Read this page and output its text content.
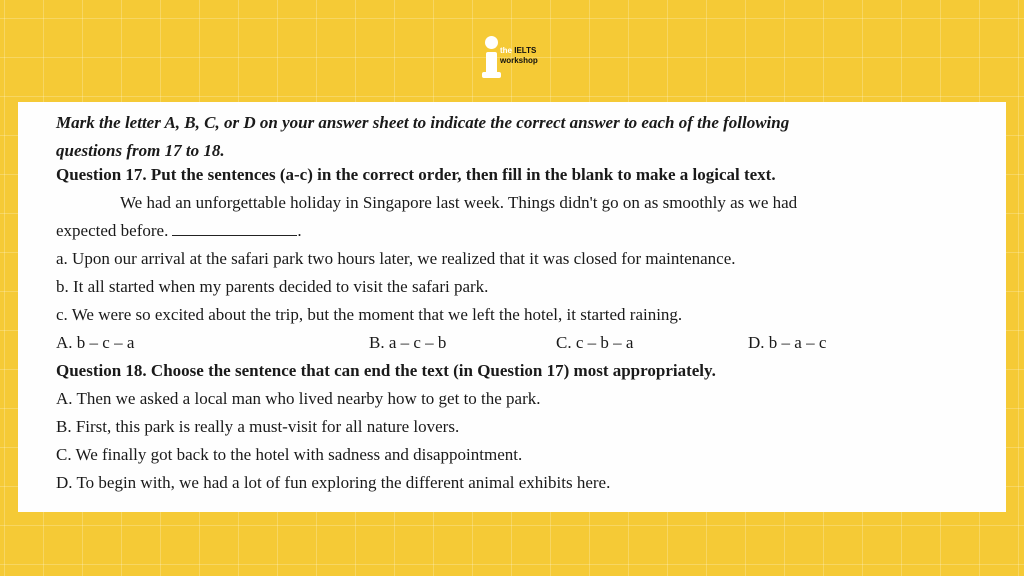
the IELTS
workshop

Mark the letter A, B, C, or D on your answer sheet to indicate the correct answer to each of the following

questions from 17 to 18.

Question 17. Put the sentences (a-c) in the correct order, then fill in the blank to make a logical text.

We had an unforgettable holiday in Singapore last week. Things didn't go on as smoothly as we had

expected before.	.

a. Upon our arrival at the safari park two hours later, we realized that it was closed for maintenance.

b. It all started when my parents decided to visit the safari park.

c. We were so excited about the trip, but the moment that we left the hotel, it started raining.

A. b – c – a	B. a – c – b	C. c – b – a	D. b – a – c

Question 18. Choose the sentence that can end the text (in Question 17) most appropriately.

A. Then we asked a local man who lived nearby how to get to the park.

B. First, this park is really a must-visit for all nature lovers.

C. We finally got back to the hotel with sadness and disappointment.

D. To begin with, we had a lot of fun exploring the different animal exhibits here.
